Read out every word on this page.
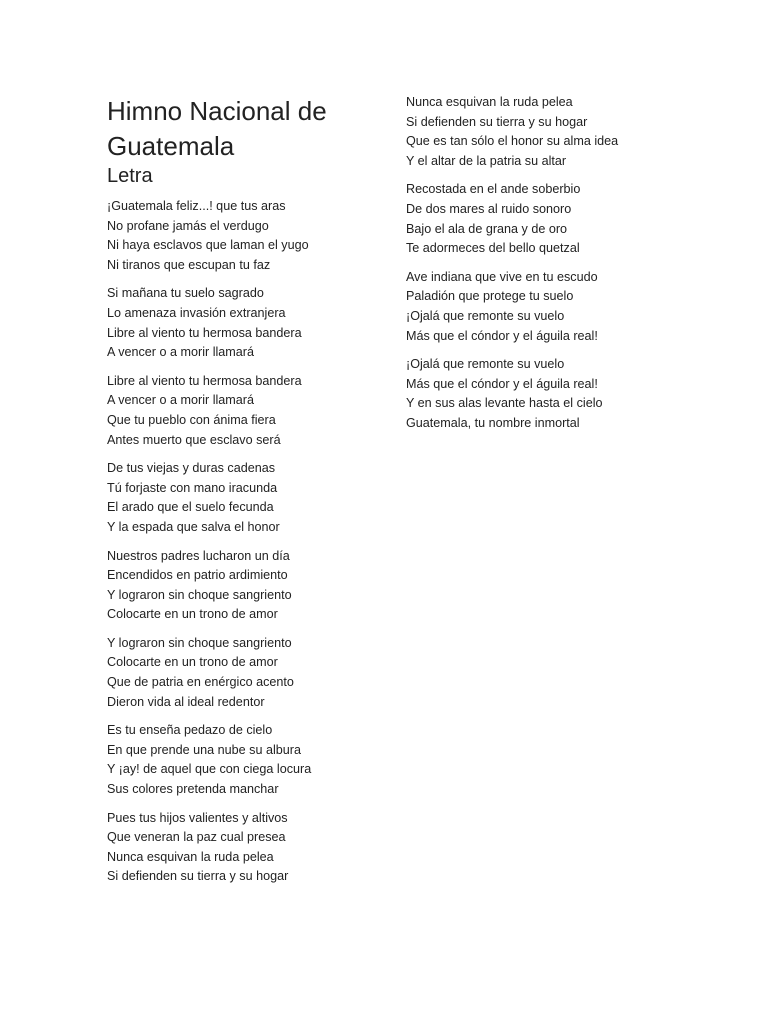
Himno Nacional de Guatemala
Letra
¡Guatemala feliz...! que tus aras
No profane jamás el verdugo
Ni haya esclavos que laman el yugo
Ni tiranos que escupan tu faz
Si mañana tu suelo sagrado
Lo amenaza invasión extranjera
Libre al viento tu hermosa bandera
A vencer o a morir llamará
Libre al viento tu hermosa bandera
A vencer o a morir llamará
Que tu pueblo con ánima fiera
Antes muerto que esclavo será
De tus viejas y duras cadenas
Tú forjaste con mano iracunda
El arado que el suelo fecunda
Y la espada que salva el honor
Nuestros padres lucharon un día
Encendidos en patrio ardimiento
Y lograron sin choque sangriento
Colocarte en un trono de amor
Y lograron sin choque sangriento
Colocarte en un trono de amor
Que de patria en enérgico acento
Dieron vida al ideal redentor
Es tu enseña pedazo de cielo
En que prende una nube su albura
Y ¡ay! de aquel que con ciega locura
Sus colores pretenda manchar
Pues tus hijos valientes y altivos
Que veneran la paz cual presea
Nunca esquivan la ruda pelea
Si defienden su tierra y su hogar
Nunca esquivan la ruda pelea
Si defienden su tierra y su hogar
Que es tan sólo el honor su alma idea
Y el altar de la patria su altar
Recostada en el ande soberbio
De dos mares al ruido sonoro
Bajo el ala de grana y de oro
Te adormeces del bello quetzal
Ave indiana que vive en tu escudo
Paladión que protege tu suelo
¡Ojalá que remonte su vuelo
Más que el cóndor y el águila real!
¡Ojalá que remonte su vuelo
Más que el cóndor y el águila real!
Y en sus alas levante hasta el cielo
Guatemala, tu nombre inmortal
